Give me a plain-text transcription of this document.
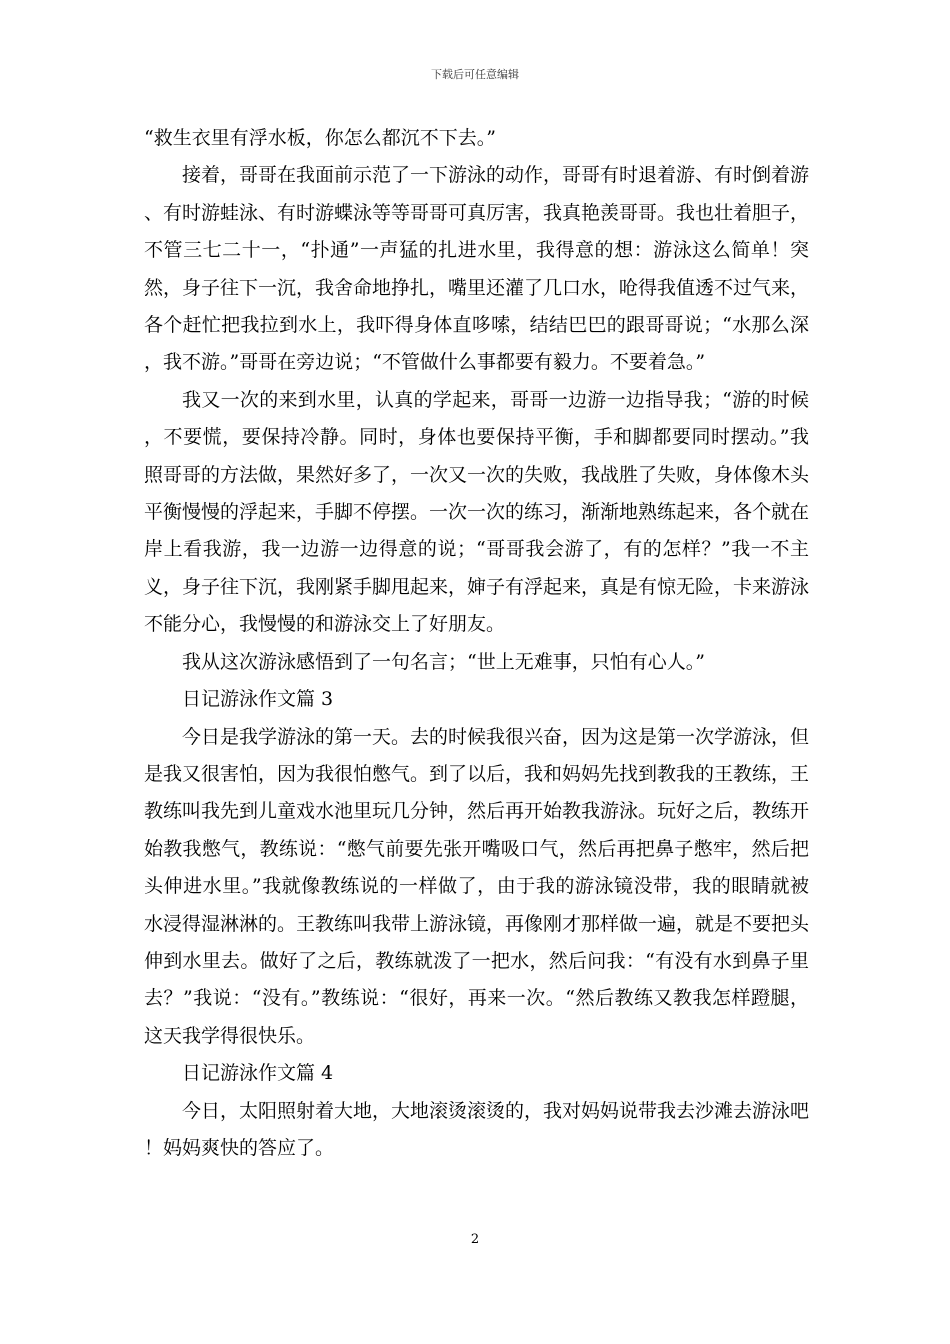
下载后可任意编辑

“救生衣里有浮水板，你怎么都沉不下去。”

接着，哥哥在我面前示范了一下游泳的动作，哥哥有时退着游、有时倒着游、有时游蛙泳、有时游蝶泳等等哥哥可真厉害，我真艳羡哥哥。我也壮着胆子，不管三七二十一，“扑通”一声猛的扎进水里，我得意的想：游泳这么简单！突然，身子往下一沉，我舍命地挣扎，嘴里还灌了几口水，呛得我值透不过气来，各个赶忙把我拉到水上，我吓得身体直哆嗦，结结巴巴的跟哥哥说；“水那么深，我不游。”哥哥在旁边说；“不管做什么事都要有毅力。不要着急。”

我又一次的来到水里，认真的学起来，哥哥一边游一边指导我；“游的时候，不要慌，要保持冷静。同时，身体也要保持平衡，手和脚都要同时摆动。”我照哥哥的方法做，果然好多了，一次又一次的失败，我战胜了失败，身体像木头平衡慢慢的浮起来，手脚不停摆。一次一次的练习，渐渐地熟练起来，各个就在岸上看我游，我一边游一边得意的说；“哥哥我会游了，有的怎样？”我一不主义，身子往下沉，我刚紧手脚甩起来，婶子有浮起来，真是有惊无险，卡来游泳不能分心，我慢慢的和游泳交上了好朋友。

我从这次游泳感悟到了一句名言；“世上无难事，只怕有心人。”

日记游泳作文篇 3

今日是我学游泳的第一天。去的时候我很兴奋，因为这是第一次学游泳，但是我又很害怕，因为我很怕憋气。到了以后，我和妈妈先找到教我的王教练，王教练叫我先到儿童戏水池里玩几分钟，然后再开始教我游泳。玩好之后，教练开始教我憋气，教练说：“憋气前要先张开嘴吸口气，然后再把鼻子憋牢，然后把头伸进水里。”我就像教练说的一样做了，由于我的游泳镜没带，我的眼睛就被水浸得湿淋淋的。王教练叫我带上游泳镜，再像刚才那样做一遍，就是不要把头伸到水里去。做好了之后，教练就泼了一把水，然后问我：“有没有水到鼻子里去？”我说：“没有。”教练说：“很好，再来一次。“然后教练又教我怎样蹬腿，这天我学得很快乐。

日记游泳作文篇 4

今日，太阳照射着大地，大地滚烫滚烫的，我对妈妈说带我去沙滩去游泳吧！妈妈爽快的答应了。

2
